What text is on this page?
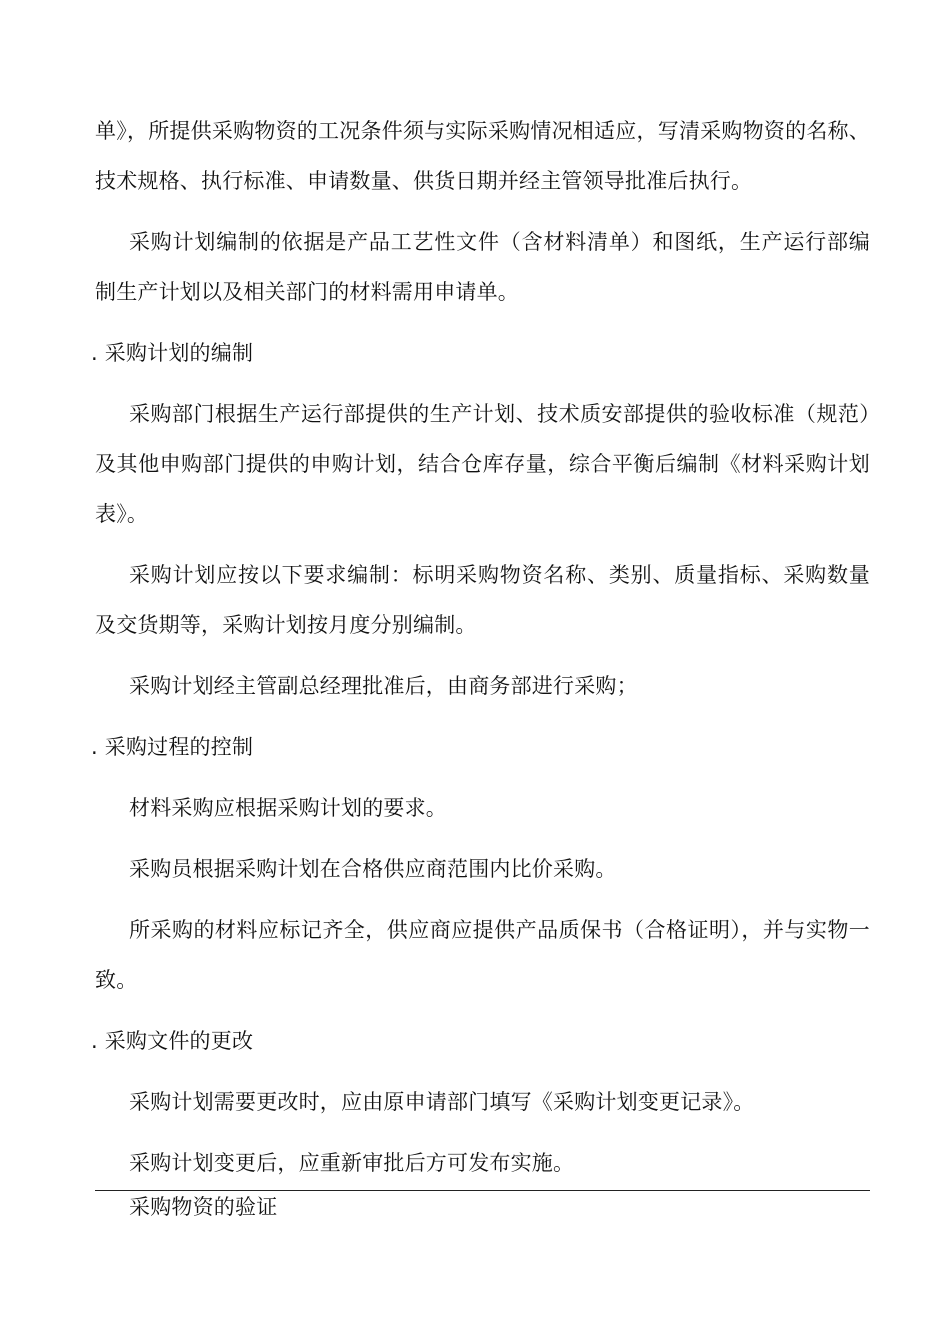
单》，所提供采购物资的工况条件须与实际采购情况相适应，写清采购物资的名称、技术规格、执行标准、申请数量、供货日期并经主管领导批准后执行。

采购计划编制的依据是产品工艺性文件（含材料清单）和图纸，生产运行部编制生产计划以及相关部门的材料需用申请单。

. 采购计划的编制

采购部门根据生产运行部提供的生产计划、技术质安部提供的验收标准（规范）及其他申购部门提供的申购计划，结合仓库存量，综合平衡后编制《材料采购计划表》。

采购计划应按以下要求编制：标明采购物资名称、类别、质量指标、采购数量及交货期等，采购计划按月度分别编制。

采购计划经主管副总经理批准后，由商务部进行采购；

. 采购过程的控制

材料采购应根据采购计划的要求。

采购员根据采购计划在合格供应商范围内比价采购。

所采购的材料应标记齐全，供应商应提供产品质保书（合格证明），并与实物一致。

. 采购文件的更改

采购计划需要更改时，应由原申请部门填写《采购计划变更记录》。

采购计划变更后，应重新审批后方可发布实施。

采购物资的验证
